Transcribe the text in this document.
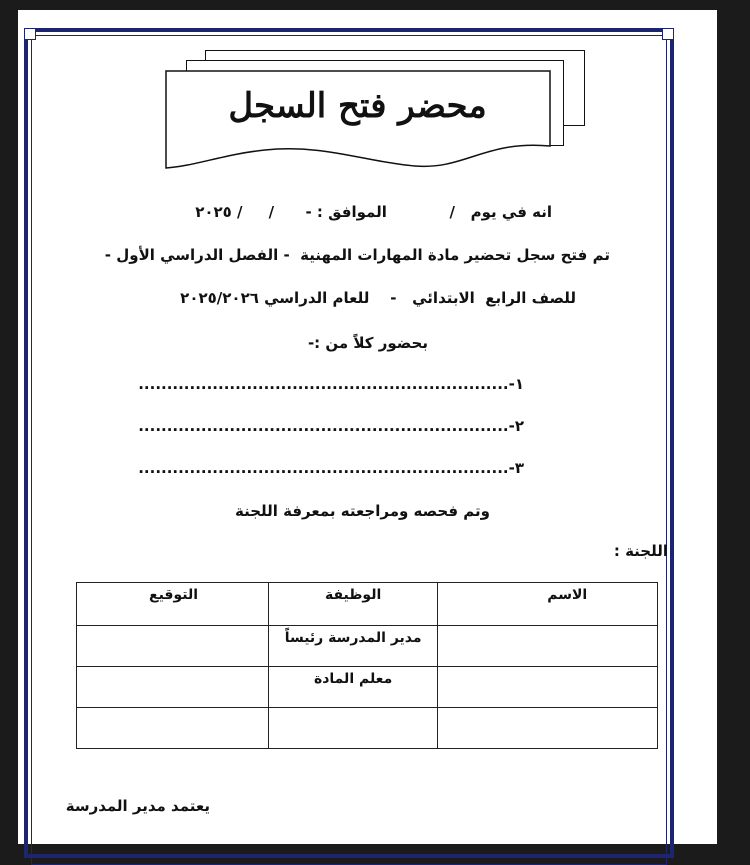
محضر فتح السجل
انه في يوم   /            الموافق : -      /     / ٢٠٢٥
تم فتح سجل تحضير مادة المهارات المهنية  - الفصل الدراسي الأول -
للصف الرابع  الابتدائي   -    للعام الدراسي ٢٠٢٥/٢٠٢٦
بحضور كلاً من :-
١-.................................................................
٢-.................................................................
٣-.................................................................
وتم فحصه ومراجعته بمعرفة اللجنة
اللجنة :
الاسم	الوظيفة	التوقيع
	مدير المدرسة رئيساً	
	معلم المادة	

يعتمد مدير المدرسة
